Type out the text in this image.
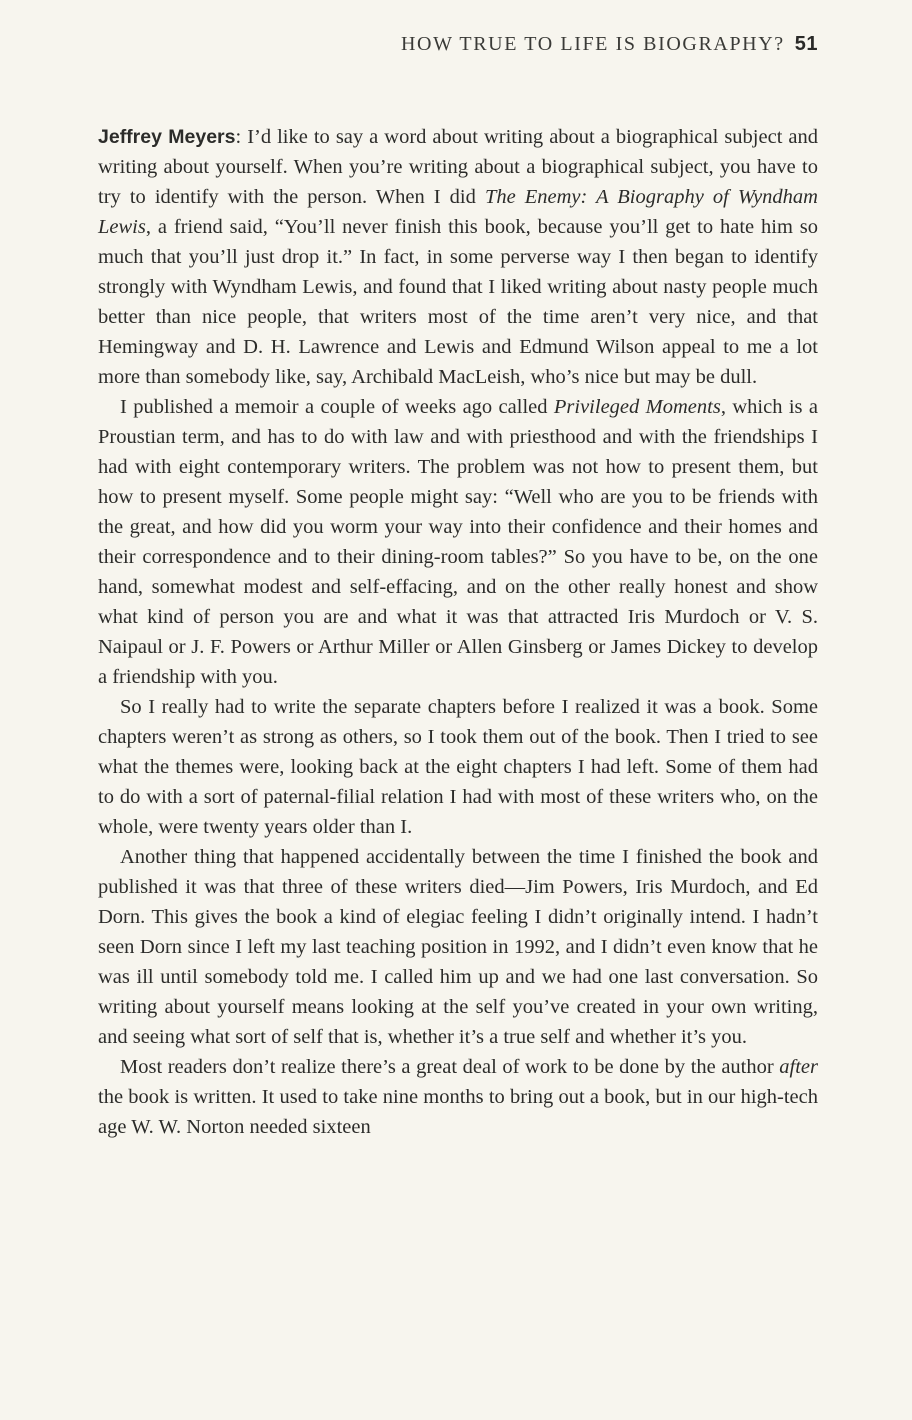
HOW TRUE TO LIFE IS BIOGRAPHY? 51

Jeffrey Meyers: I’d like to say a word about writing about a biographical subject and writing about yourself. When you’re writing about a biographical subject, you have to try to identify with the person. When I did The Enemy: A Biography of Wyndham Lewis, a friend said, “You’ll never finish this book, because you’ll get to hate him so much that you’ll just drop it.” In fact, in some perverse way I then began to identify strongly with Wyndham Lewis, and found that I liked writing about nasty people much better than nice people, that writers most of the time aren’t very nice, and that Hemingway and D. H. Lawrence and Lewis and Edmund Wilson appeal to me a lot more than somebody like, say, Archibald MacLeish, who’s nice but may be dull.

I published a memoir a couple of weeks ago called Privileged Moments, which is a Proustian term, and has to do with law and with priesthood and with the friendships I had with eight contemporary writers. The problem was not how to present them, but how to present myself. Some people might say: “Well who are you to be friends with the great, and how did you worm your way into their confidence and their homes and their correspondence and to their dining-room tables?” So you have to be, on the one hand, somewhat modest and self-effacing, and on the other really honest and show what kind of person you are and what it was that attracted Iris Murdoch or V. S. Naipaul or J. F. Powers or Arthur Miller or Allen Ginsberg or James Dickey to develop a friendship with you.

So I really had to write the separate chapters before I realized it was a book. Some chapters weren’t as strong as others, so I took them out of the book. Then I tried to see what the themes were, looking back at the eight chapters I had left. Some of them had to do with a sort of paternal-filial relation I had with most of these writers who, on the whole, were twenty years older than I.

Another thing that happened accidentally between the time I finished the book and published it was that three of these writers died—Jim Powers, Iris Murdoch, and Ed Dorn. This gives the book a kind of elegiac feeling I didn’t originally intend. I hadn’t seen Dorn since I left my last teaching position in 1992, and I didn’t even know that he was ill until somebody told me. I called him up and we had one last conversation. So writing about yourself means looking at the self you’ve created in your own writing, and seeing what sort of self that is, whether it’s a true self and whether it’s you.

Most readers don’t realize there’s a great deal of work to be done by the author after the book is written. It used to take nine months to bring out a book, but in our high-tech age W. W. Norton needed sixteen
